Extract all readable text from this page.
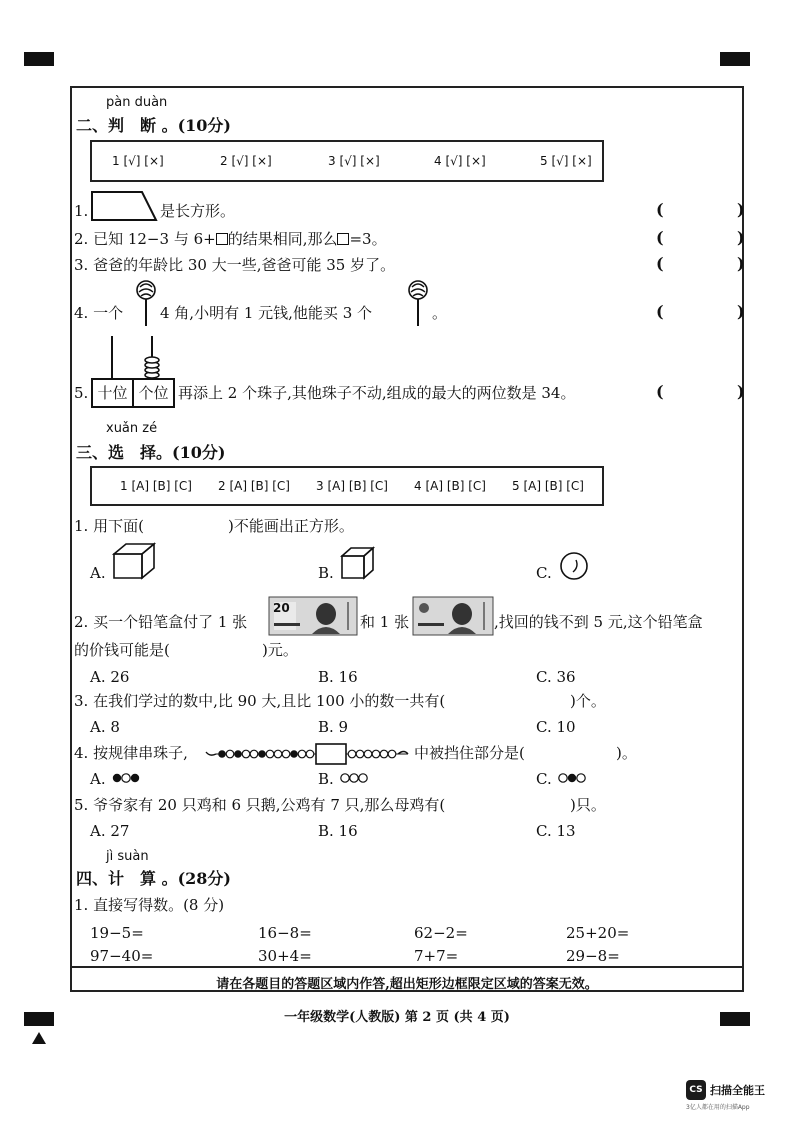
pàn duàn
二、判　断 。(10分)
1 [√] [×]	2 [√] [×]	3 [√] [×]	4 [√] [×]	5 [√] [×]
1.	是长方形。	(	)
2. 已知 12−3 与 6+ 的结果相同,那么 =3。	(	)
3. 爸爸的年龄比 30 大一些,爸爸可能 35 岁了。	(	)
4. 一个 4 角,小明有 1 元钱,他能买 3 个	。	(	)
5. 十位 个位 再添上 2 个珠子,其他珠子不动,组成的最大的两位数是 34。	(	)
xuǎn zé
三、选　择。(10分)
1 [A] [B] [C] 2 [A] [B] [C] 3 [A] [B] [C] 4 [A] [B] [C] 5 [A] [B] [C]
1. 用下面(	)不能画出正方形。
A.	B.	C.
2. 买一个铅笔盒付了 1 张
20
和 1 张	,找回的钱不到 5 元,这个铅笔盒
的价钱可能是(	)元。
A. 26	B. 16	C. 36
3. 在我们学过的数中,比 90 大,且比 100 小的数一共有(	)个。
A. 8	B. 9	C. 10
4. 按规律串珠子,	中被挡住部分是(	)。
A.	B.	C.
5. 爷爷家有 20 只鸡和 6 只鹅,公鸡有 7 只,那么母鸡有(	)只。
A. 27	B. 16	C. 13
jì suàn
四、计　算 。(28分)
1. 直接写得数。(8 分)
19−5=	16−8=	62−2=	25+20=
97−40=	30+4=	7+7=	29−8=
请在各题目的答题区域内作答,超出矩形边框限定区域的答案无效。
一年级数学(人教版) 第 2 页 (共 4 页)
CS 扫描全能王
3亿人都在用的扫描App
